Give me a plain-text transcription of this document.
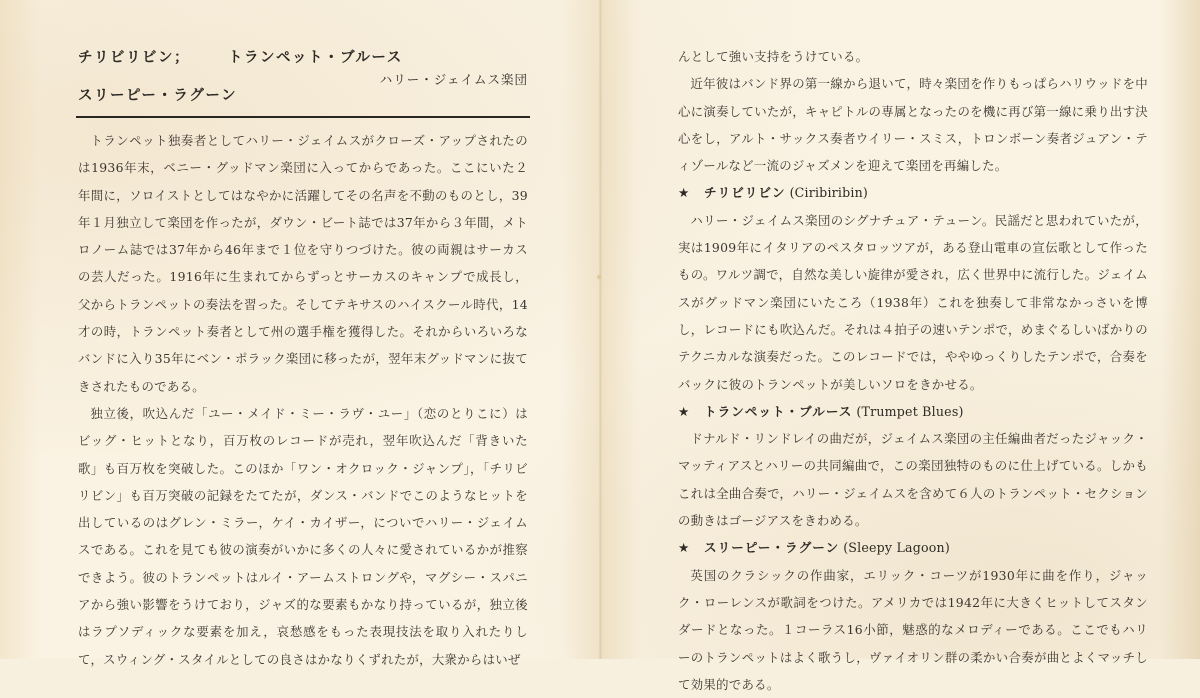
チリビリビン；	トランペット・ブルース
ハリー・ジェイムス楽団
スリーピー・ラグーン

トランペット独奏者としてハリー・ジェイムスがクローズ・アップされたのは1936年末，ベニー・グッドマン楽団に入ってからであった。ここにいた２年間に，ソロイストとしてはなやかに活躍してその名声を不動のものとし，39年１月独立して楽団を作ったが，ダウン・ビート誌では37年から３年間，メトロノーム誌では37年から46年まで１位を守りつづけた。彼の両親はサーカスの芸人だった。1916年に生まれてからずっとサーカスのキャンプで成長し，父からトランペットの奏法を習った。そしてテキサスのハイスクール時代，14才の時，トランペット奏者として州の選手権を獲得した。それからいろいろなバンドに入り35年にベン・ポラック楽団に移ったが，翌年末グッドマンに抜てきされたものである。

独立後，吹込んだ「ユー・メイド・ミー・ラヴ・ユー」（恋のとりこに）はビッグ・ヒットとなり，百万枚のレコードが売れ，翌年吹込んだ「背きいた歌」も百万枚を突破した。このほか「ワン・オクロック・ジャンプ」，「チリビリビン」も百万突破の記録をたてたが，ダンス・バンドでこのようなヒットを出しているのはグレン・ミラー，ケイ・カイザー，についでハリー・ジェイムスである。これを見ても彼の演奏がいかに多くの人々に愛されているかが推察できよう。彼のトランペットはルイ・アームストロングや，マグシー・スパニアから強い影響をうけており，ジャズ的な要素もかなり持っているが，独立後はラプソディックな要素を加え，哀愁感をもった表現技法を取り入れたりして，スウィング・スタイルとしての良さはかなりくずれたが，大衆からはいぜ

んとして強い支持をうけている。

近年彼はバンド界の第一線から退いて，時々楽団を作りもっぱらハリウッドを中心に演奏していたが，キャピトルの専属となったのを機に再び第一線に乗り出す決心をし，アルト・サックス奏者ウイリー・スミス，トロンボーン奏者ジュアン・ティゾールなど一流のジャズメンを迎えて楽団を再編した。

★ チリビリビン (Ciribiribin)

ハリー・ジェイムス楽団のシグナチュア・テューン。民謡だと思われていたが，実は1909年にイタリアのペスタロッツアが，ある登山電車の宣伝歌として作ったもの。ワルツ調で，自然な美しい旋律が愛され，広く世界中に流行した。ジェイムスがグッドマン楽団にいたころ（1938年）これを独奏して非常なかっさいを博し，レコードにも吹込んだ。それは４拍子の速いテンポで，めまぐるしいばかりのテクニカルな演奏だった。このレコードでは，ややゆっくりしたテンポで，合奏をバックに彼のトランペットが美しいソロをきかせる。

★ トランペット・ブルース (Trumpet Blues)

ドナルド・リンドレイの曲だが，ジェイムス楽団の主任編曲者だったジャック・マッティアスとハリーの共同編曲で，この楽団独特のものに仕上げている。しかもこれは全曲合奏で，ハリー・ジェイムスを含めて６人のトランペット・セクションの動きはゴージアスをきわめる。

★ スリーピー・ラグーン (Sleepy Lagoon)

英国のクラシックの作曲家，エリック・コーツが1930年に曲を作り，ジャック・ローレンスが歌詞をつけた。アメリカでは1942年に大きくヒットしてスタンダードとなった。１コーラス16小節，魅惑的なメロディーである。ここでもハリーのトランペットはよく歌うし，ヴァイオリン群の柔かい合奏が曲とよくマッチして効果的である。
